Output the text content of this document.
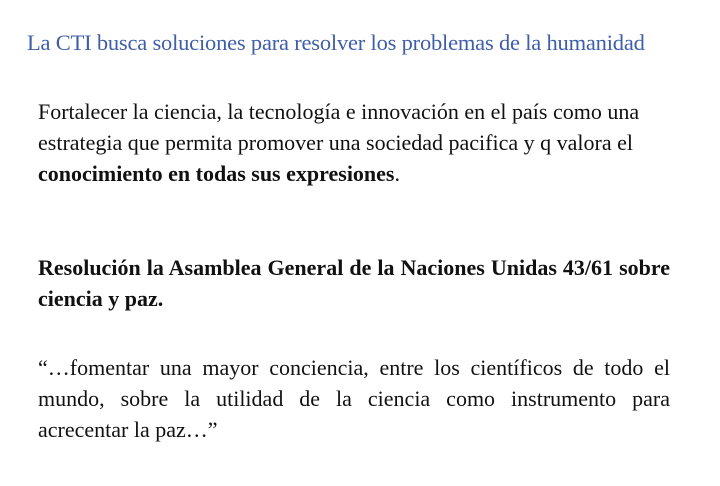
La CTI busca soluciones para resolver los problemas de la humanidad
Fortalecer la ciencia, la tecnología e innovación en el país como una estrategia que permita promover una sociedad pacifica y q valora el conocimiento en todas sus expresiones.
Resolución la Asamblea General de la Naciones Unidas 43/61 sobre ciencia y paz.
“…fomentar una mayor conciencia, entre los científicos de todo el mundo, sobre la utilidad de la ciencia como instrumento para acrecentar la paz…”
